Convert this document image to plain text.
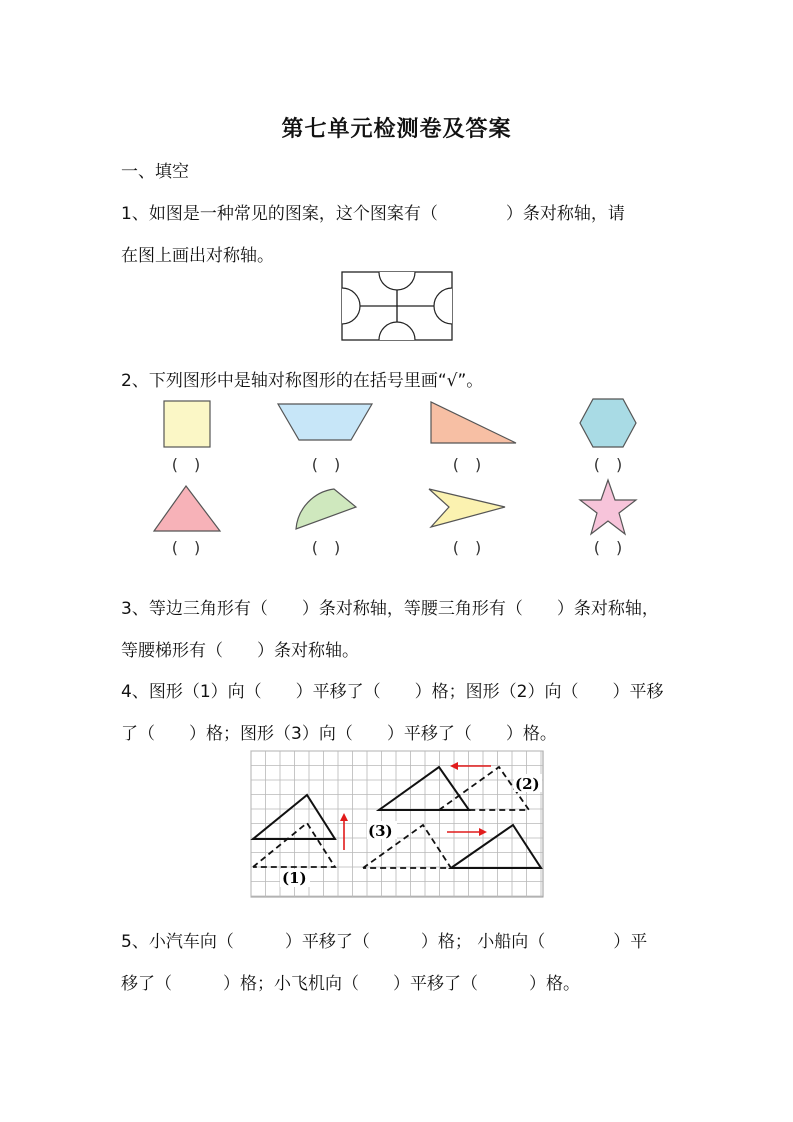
第七单元检测卷及答案
一、填空
1、如图是一种常见的图案，这个图案有（　　　　）条对称轴，请
在图上画出对称轴。
2、下列图形中是轴对称图形的在括号里画“√”。
(　)	(　)	(　)	(　)
(　)	(　)	(　)	(　)
3、等边三角形有（　　）条对称轴，等腰三角形有（　　）条对称轴，
等腰梯形有（　　）条对称轴。
4、图形（1）向（　　）平移了（　　）格；图形（2）向（　　）平移
了（　　）格；图形（3）向（　　）平移了（　　）格。
(1)
(2)
(3)
5、小汽车向（　　　）平移了（　　　）格； 小船向（　　　　）平
移了（　　　）格；小飞机向（　　）平移了（　　　）格。
